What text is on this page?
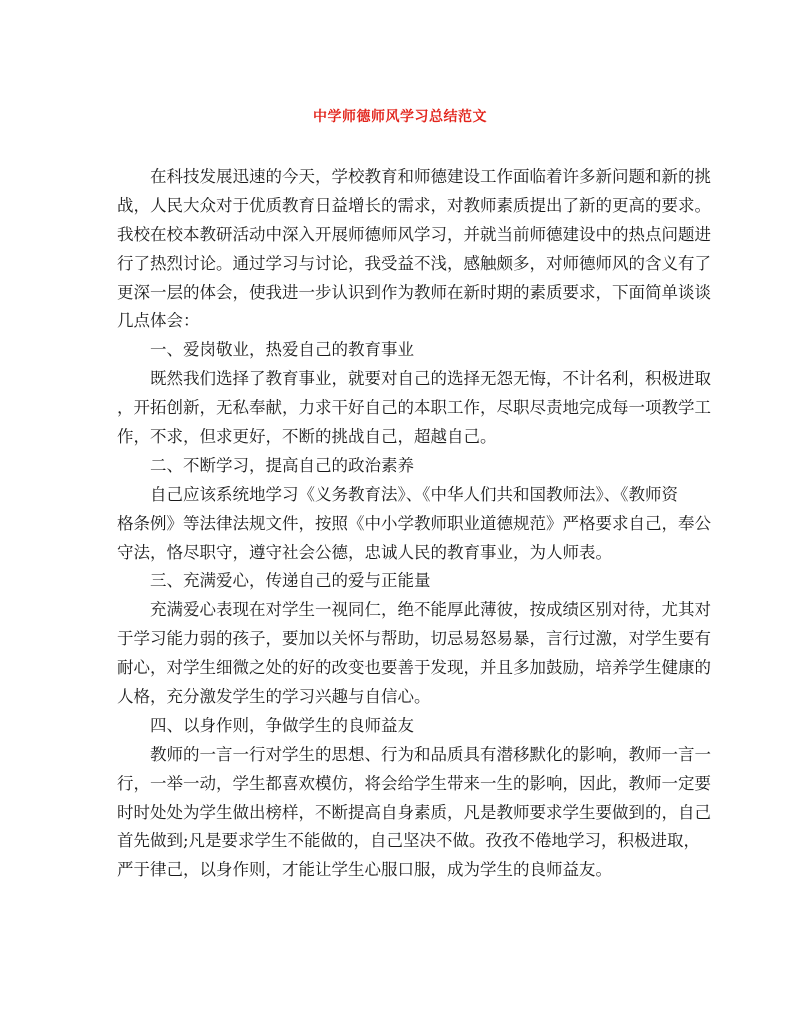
中学师德师风学习总结范文
在科技发展迅速的今天，学校教育和师德建设工作面临着许多新问题和新的挑
战，人民大众对于优质教育日益增长的需求，对教师素质提出了新的更高的要求。
我校在校本教研活动中深入开展师德师风学习，并就当前师德建设中的热点问题进
行了热烈讨论。通过学习与讨论，我受益不浅，感触颇多，对师德师风的含义有了
更深一层的体会，使我进一步认识到作为教师在新时期的素质要求，下面简单谈谈
几点体会：
一、爱岗敬业，热爱自己的教育事业
既然我们选择了教育事业，就要对自己的选择无怨无悔，不计名利，积极进取
，开拓创新，无私奉献，力求干好自己的本职工作，尽职尽责地完成每一项教学工
作，不求，但求更好，不断的挑战自己，超越自己。
二、不断学习，提高自己的政治素养
自己应该系统地学习《义务教育法》、《中华人们共和国教师法》、《教师资
格条例》等法律法规文件，按照《中小学教师职业道德规范》严格要求自己，奉公
守法，恪尽职守，遵守社会公德，忠诚人民的教育事业，为人师表。
三、充满爱心，传递自己的爱与正能量
充满爱心表现在对学生一视同仁，绝不能厚此薄彼，按成绩区别对待，尤其对
于学习能力弱的孩子，要加以关怀与帮助，切忌易怒易暴，言行过激，对学生要有
耐心，对学生细微之处的好的改变也要善于发现，并且多加鼓励，培养学生健康的
人格，充分激发学生的学习兴趣与自信心。
四、以身作则，争做学生的良师益友
教师的一言一行对学生的思想、行为和品质具有潜移默化的影响，教师一言一
行，一举一动，学生都喜欢模仿，将会给学生带来一生的影响，因此，教师一定要
时时处处为学生做出榜样，不断提高自身素质，凡是教师要求学生要做到的，自己
首先做到;凡是要求学生不能做的，自己坚决不做。孜孜不倦地学习，积极进取，
严于律己，以身作则，才能让学生心服口服，成为学生的良师益友。
